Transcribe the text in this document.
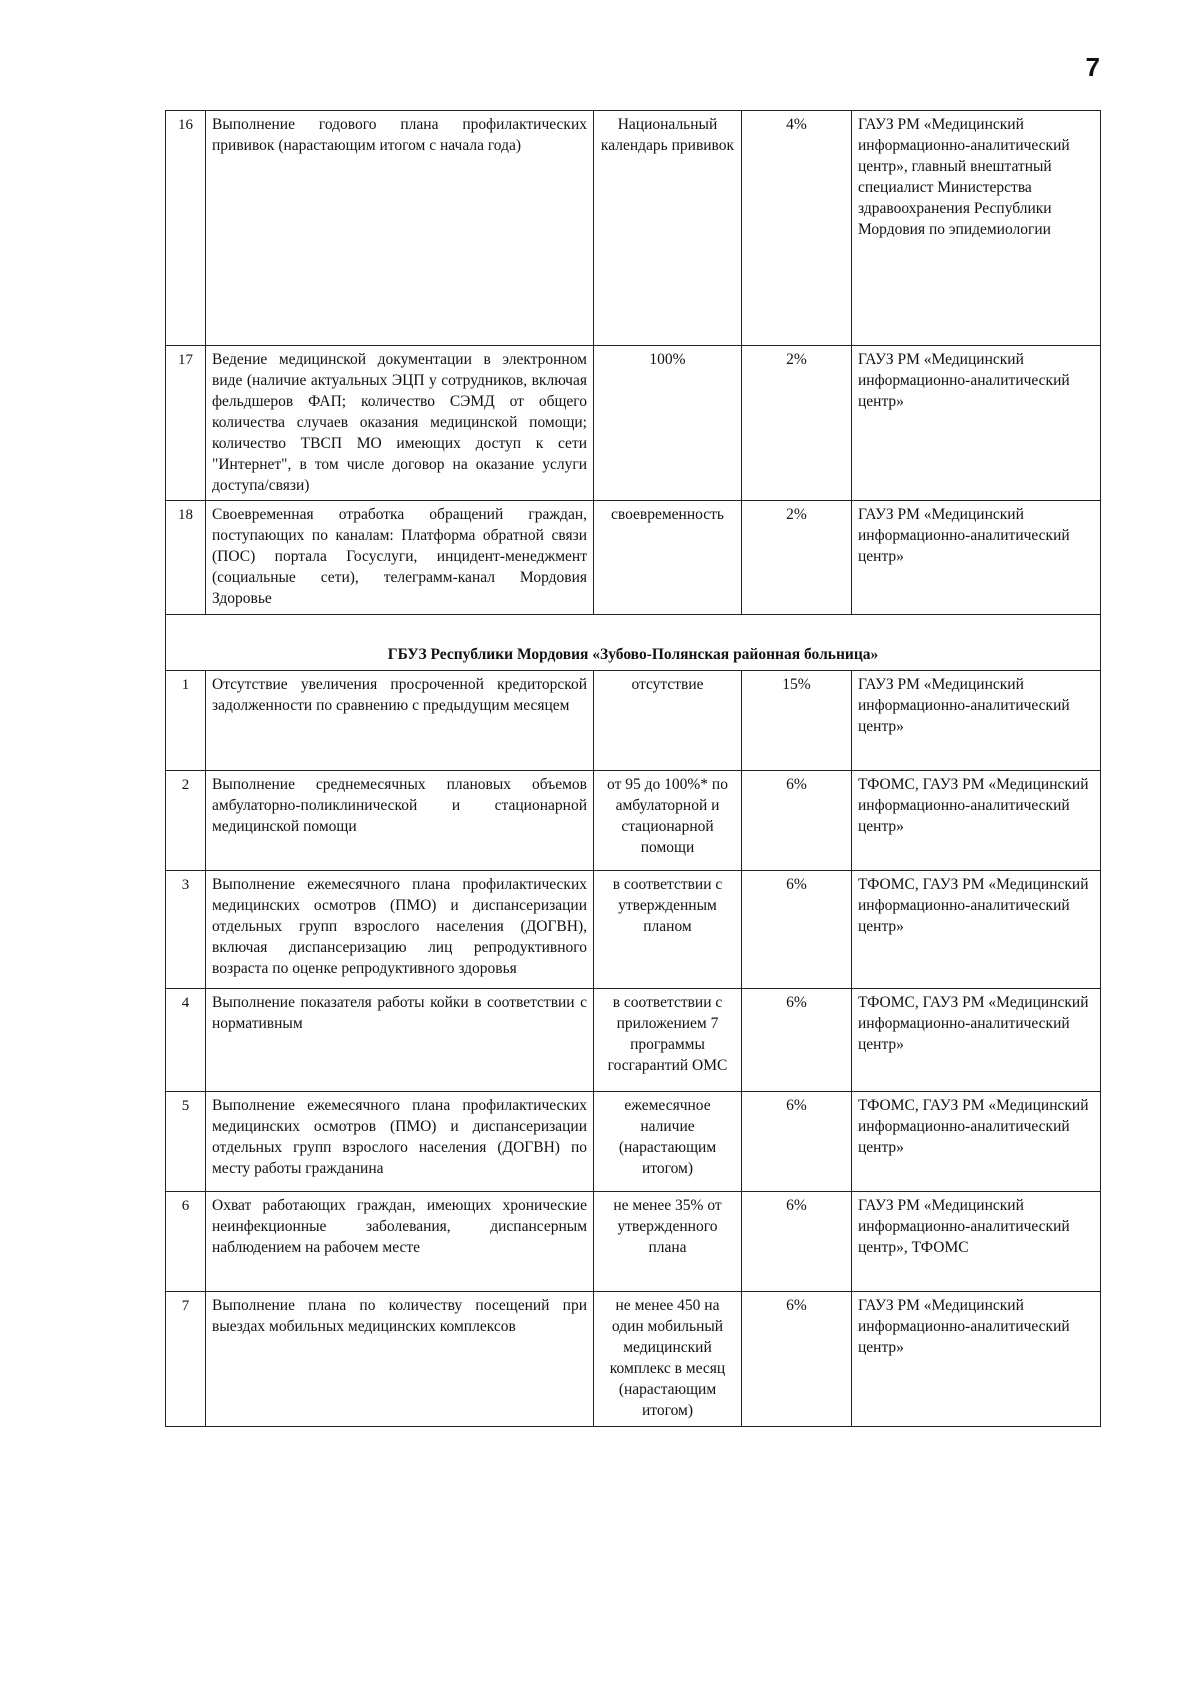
7
16	Выполнение годового плана профилактических прививок (нарастающим итогом с начала года)	Национальный календарь прививок	4%	ГАУЗ РМ «Медицинский информационно-аналитический центр», главный внештатный специалист Министерства здравоохранения Республики Мордовия по эпидемиологии
17	Ведение медицинской документации в электронном виде (наличие актуальных ЭЦП у сотрудников, включая фельдшеров ФАП; количество СЭМД от общего количества случаев оказания медицинской помощи; количество ТВСП МО имеющих доступ к сети "Интернет", в том числе договор на оказание услуги доступа/связи)	100%	2%	ГАУЗ РМ «Медицинский информационно-аналитический центр»
18	Своевременная отработка обращений граждан, поступающих по каналам: Платформа обратной связи (ПОС) портала Госуслуги, инцидент-менеджмент (социальные сети), телеграмм-канал Мордовия Здоровье	своевременность	2%	ГАУЗ РМ «Медицинский информационно-аналитический центр»
ГБУЗ Республики Мордовия «Зубово-Полянская районная больница»				
1	Отсутствие увеличения просроченной кредиторской задолженности по сравнению с предыдущим месяцем	отсутствие	15%	ГАУЗ РМ «Медицинский информационно-аналитический центр»
2	Выполнение среднемесячных плановых объемов амбулаторно-поликлинической и стационарной медицинской помощи	от 95 до 100%* по амбулаторной и стационарной помощи	6%	ТФОМС, ГАУЗ РМ «Медицинский информационно-аналитический центр»
3	Выполнение ежемесячного плана профилактических медицинских осмотров (ПМО) и диспансеризации отдельных групп взрослого населения (ДОГВН), включая диспансеризацию лиц репродуктивного возраста по оценке репродуктивного здоровья	в соответствии с утвержденным планом	6%	ТФОМС, ГАУЗ РМ «Медицинский информационно-аналитический центр»
4	Выполнение показателя работы койки в соответствии с нормативным	в соответствии с приложением 7 программы госгарантий ОМС	6%	ТФОМС, ГАУЗ РМ «Медицинский информационно-аналитический центр»
5	Выполнение ежемесячного плана профилактических медицинских осмотров (ПМО) и диспансеризации отдельных групп взрослого населения (ДОГВН) по месту работы гражданина	ежемесячное наличие (нарастающим итогом)	6%	ТФОМС, ГАУЗ РМ «Медицинский информационно-аналитический центр»
6	Охват работающих граждан, имеющих хронические неинфекционные заболевания, диспансерным наблюдением на рабочем месте	не менее 35% от утвержденного плана	6%	ГАУЗ РМ «Медицинский информационно-аналитический центр», ТФОМС
7	Выполнение плана по количеству посещений при выездах мобильных медицинских комплексов	не менее 450 на один мобильный медицинский комплекс в месяц (нарастающим итогом)	6%	ГАУЗ РМ «Медицинский информационно-аналитический центр»
